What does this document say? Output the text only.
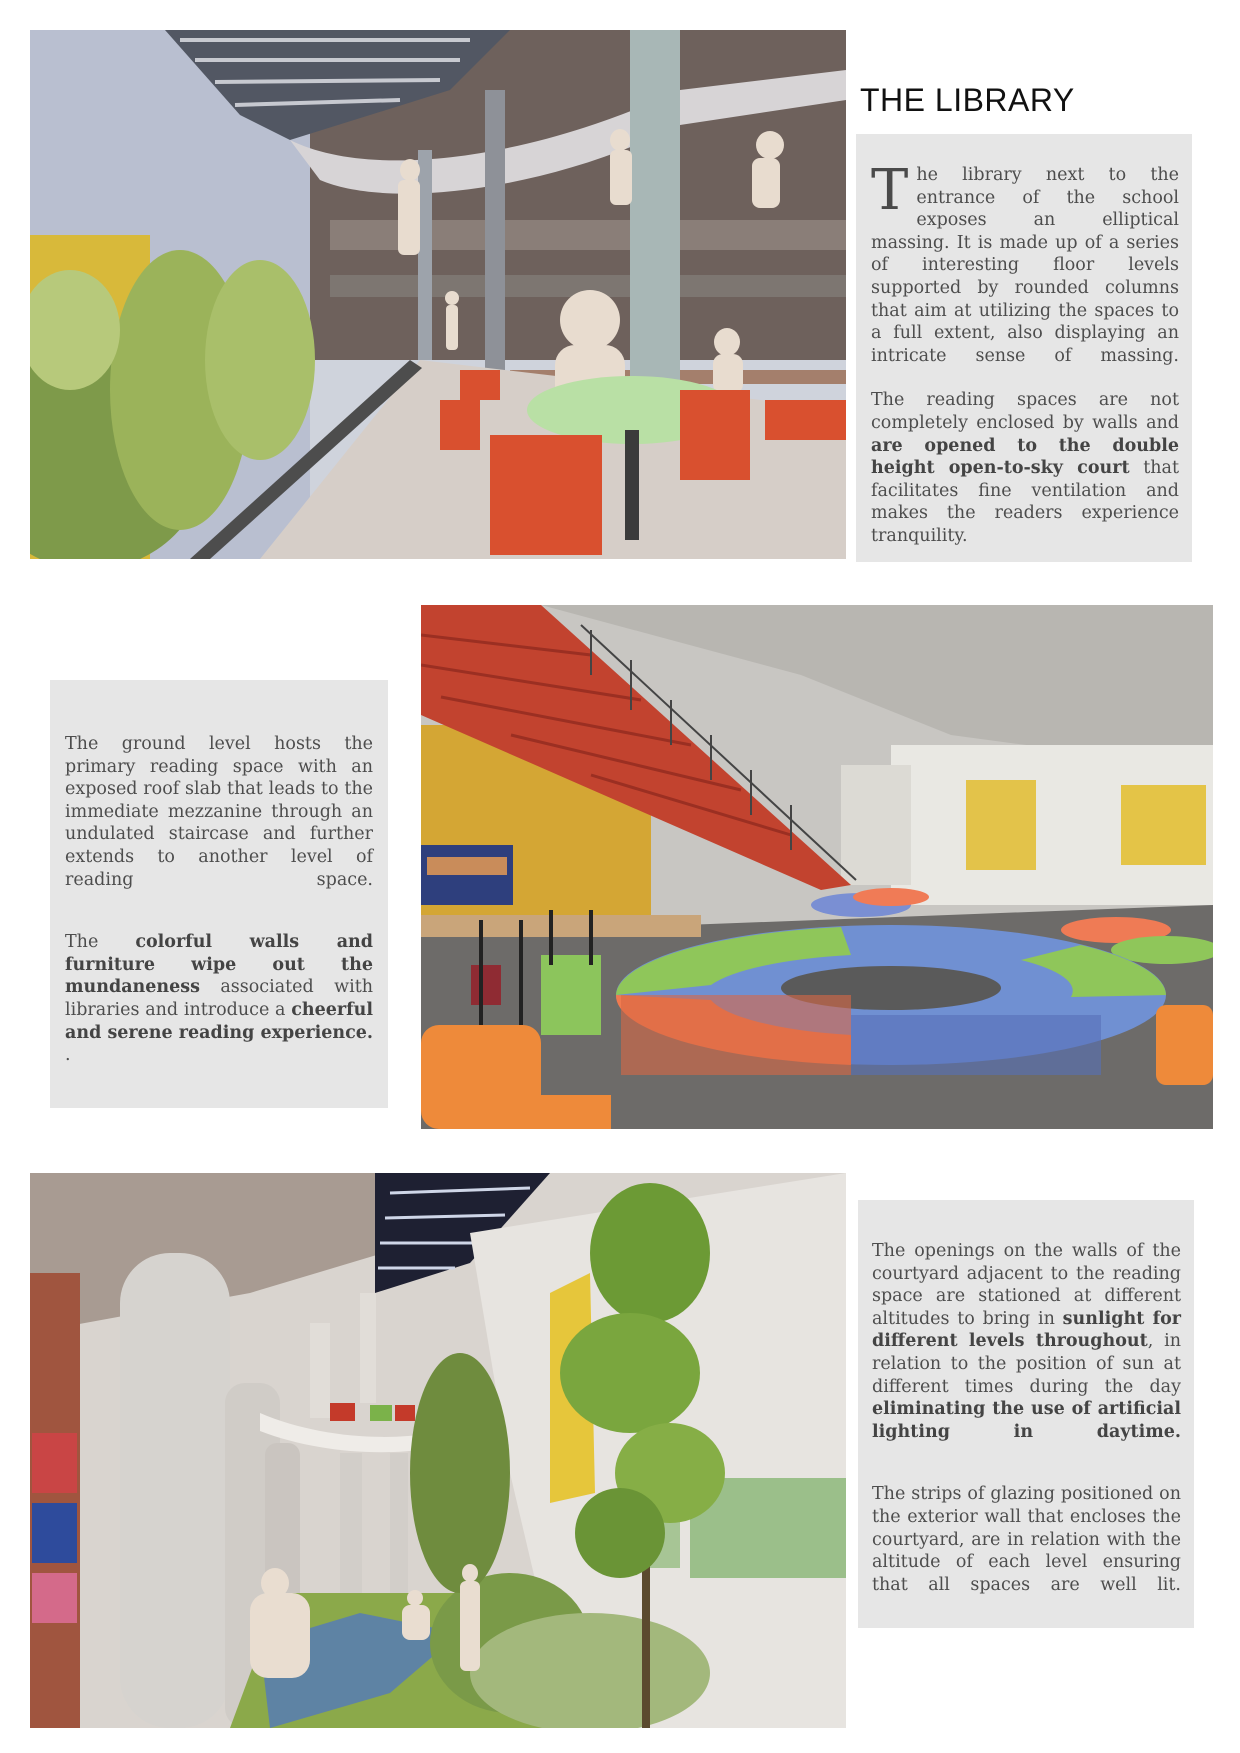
THE LIBRARY

The library next to the entrance of the school exposes an elliptical massing. It is made up of a series of interesting floor levels supported by rounded columns that aim at utilizing the spaces to a full extent, also displaying an intricate sense of massing.

The reading spaces are not completely enclosed by walls and are opened to the double height open-to-sky court that facilitates fine ventilation and makes the readers experience tranquility.

The ground level hosts the primary reading space with an exposed roof slab that leads to the immediate mezzanine through an undulated staircase and further extends to another level of reading space.

The colorful walls and furniture wipe out the mundaneness associated with libraries and introduce a cheerful and serene reading experience. .

The openings on the walls of the courtyard adjacent to the reading space are stationed at different altitudes to bring in sunlight for different levels throughout, in relation to the position of sun at different times during the day eliminating the use of artificial lighting in daytime.

The strips of glazing positioned on the exterior wall that encloses the courtyard, are in relation with the altitude of each level ensuring that all spaces are well lit.
